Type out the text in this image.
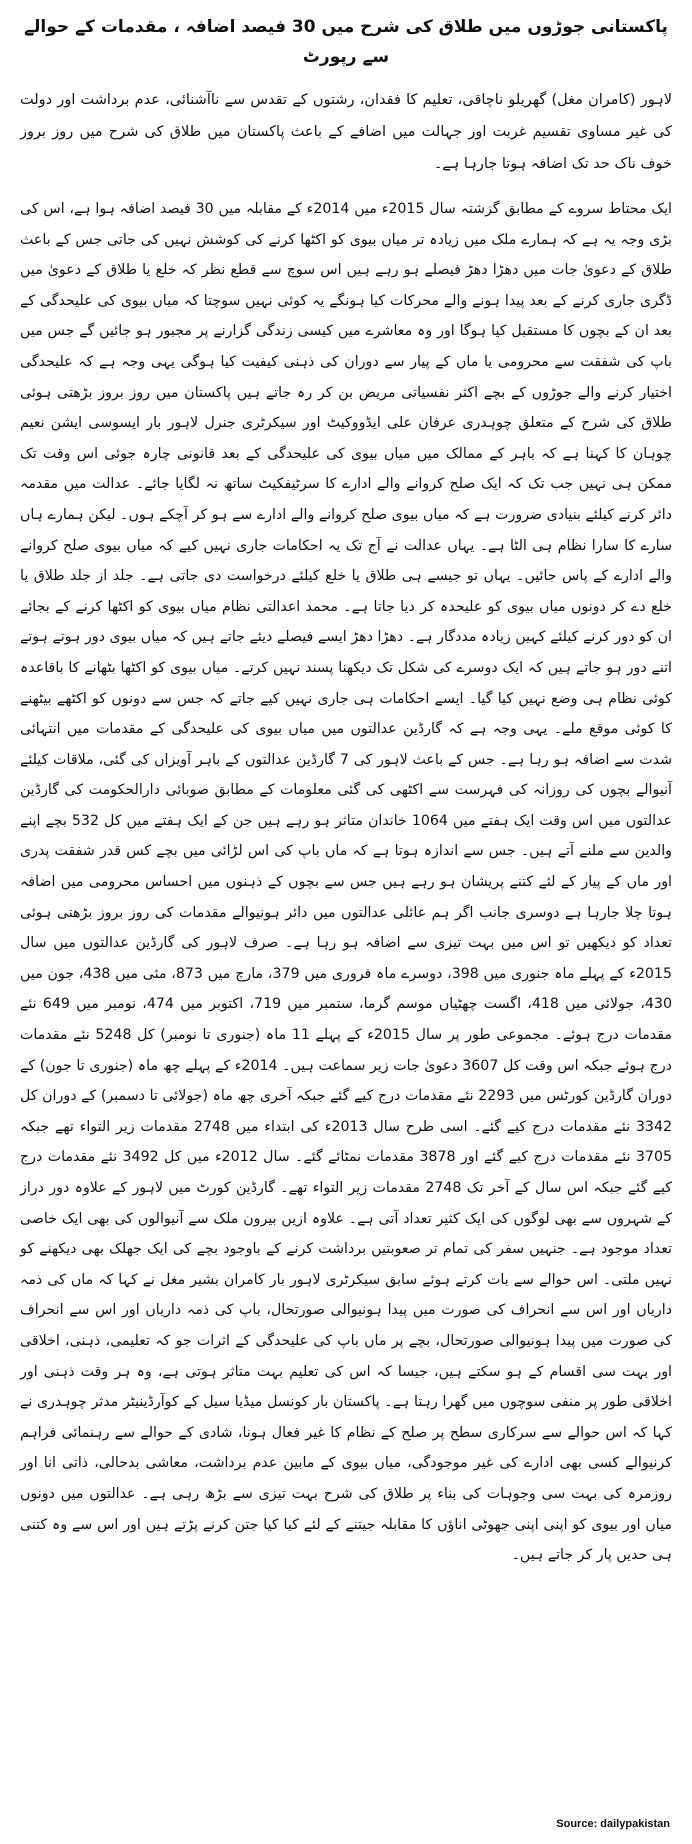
پاکستانی جوڑوں میں طلاق کی شرح میں 30 فیصد اضافہ ، مقدمات کے حوالے سے رپورٹ

لاہور (کامران مغل) گھریلو ناچاقی، تعلیم کا فقدان، رشتوں کے تقدس سے ناآشنائی، عدم برداشت اور دولت کی غیر مساوی تقسیم غربت اور جہالت میں اضافے کے باعث پاکستان میں طلاق کی شرح میں روز بروز خوف ناک حد تک اضافہ ہوتا جارہا ہے۔

ایک محتاط سروے کے مطابق گزشتہ سال 2015ء میں 2014ء کے مقابلہ میں 30 فیصد اضافہ ہوا ہے، اس کی بڑی وجہ یہ ہے کہ ہمارے ملک میں زیادہ تر میاں بیوی کو اکٹھا کرنے کی کوشش نہیں کی جاتی جس کے باعث طلاق کے دعویٰ جات میں دھڑا دھڑ فیصلے ہو رہے ہیں اس سوچ سے قطع نظر کہ خلع یا طلاق کے دعویٰ میں ڈگری جاری کرنے کے بعد پیدا ہونے والے محرکات کیا ہونگے یہ کوئی نہیں سوچتا کہ میاں بیوی کی علیحدگی کے بعد ان کے بچوں کا مستقبل کیا ہوگا اور وہ معاشرے میں کیسی زندگی گزارنے پر مجبور ہو جائیں گے جس میں باپ کی شفقت سے محرومی یا ماں کے پیار سے دوران کی ذہنی کیفیت کیا ہوگی یہی وجہ ہے کہ علیحدگی اختیار کرنے والے جوڑوں کے بچے اکثر نفسیاتی مریض بن کر رہ جاتے ہیں پاکستان میں روز بروز بڑھتی ہوئی طلاق کی شرح کے متعلق چوہدری عرفان علی ایڈووکیٹ اور سیکرٹری جنرل لاہور بار ایسوسی ایشن نعیم چوہان کا کہنا ہے کہ باہر کے ممالک میں میاں بیوی کی علیحدگی کے بعد قانونی چارہ جوئی اس وقت تک ممکن ہی نہیں جب تک کہ ایک صلح کروانے والے ادارے کا سرٹیفکیٹ ساتھ نہ لگایا جائے۔ عدالت میں مقدمہ دائر کرنے کیلئے بنیادی ضرورت ہے کہ میاں بیوی صلح کروانے والے ادارے سے ہو کر آچکے ہوں۔ لیکن ہمارے ہاں سارے کا سارا نظام ہی الٹا ہے۔ یہاں عدالت نے آج تک یہ احکامات جاری نہیں کیے کہ میاں بیوی صلح کروانے والے ادارے کے پاس جائیں۔ یہاں تو جیسے ہی طلاق یا خلع کیلئے درخواست دی جاتی ہے۔ جلد از جلد طلاق یا خلع دے کر دونوں میاں بیوی کو علیحدہ کر دیا جاتا ہے۔ محمد اعدالتی نظام میاں بیوی کو اکٹھا کرنے کے بجائے ان کو دور کرنے کیلئے کہیں زیادہ مددگار ہے۔ دھڑا دھڑ ایسے فیصلے دیئے جاتے ہیں کہ میاں بیوی دور ہوتے ہوتے اتنے دور ہو جاتے ہیں کہ ایک دوسرے کی شکل تک دیکھنا پسند نہیں کرتے۔ میاں بیوی کو اکٹھا بٹھانے کا باقاعدہ کوئی نظام ہی وضع نہیں کیا گیا۔ ایسے احکامات ہی جاری نہیں کیے جاتے کہ جس سے دونوں کو اکٹھے بیٹھنے کا کوئی موقع ملے۔ یہی وجہ ہے کہ گارڈین عدالتوں میں میاں بیوی کی علیحدگی کے مقدمات میں انتہائی شدت سے اضافہ ہو رہا ہے۔ جس کے باعث لاہور کی 7 گارڈین عدالتوں کے باہر آویزاں کی گئی، ملاقات کیلئے آنیوالے بچوں کی روزانہ کی فہرست سے اکٹھی کی گئی معلومات کے مطابق صوبائی دارالحکومت کی گارڈین عدالتوں میں اس وقت ایک ہفتے میں 1064 خاندان متاثر ہو رہے ہیں جن کے ایک ہفتے میں کل 532 بچے اپنے والدین سے ملنے آتے ہیں۔ جس سے اندازہ ہوتا ہے کہ ماں باپ کی اس لڑائی میں بچے کس قدر شفقت پدری اور ماں کے پیار کے لئے کتنے پریشان ہو رہے ہیں جس سے بچوں کے ذہنوں میں احساس محرومی میں اضافہ ہوتا چلا جارہا ہے دوسری جانب اگر ہم عائلی عدالتوں میں دائر ہونیوالے مقدمات کی روز بروز بڑھتی ہوئی تعداد کو دیکھیں تو اس میں بہت تیزی سے اضافہ ہو رہا ہے۔ صرف لاہور کی گارڈین عدالتوں میں سال 2015ء کے پہلے ماہ جنوری میں 398، دوسرے ماہ فروری میں 379، مارچ میں 873، مئی میں 438، جون میں 430، جولائی میں 418، اگست چھٹیاں موسم گرما، ستمبر میں 719، اکتوبر میں 474، نومبر میں 649 نئے مقدمات درج ہوئے۔ مجموعی طور پر سال 2015ء کے پہلے 11 ماہ (جنوری تا نومبر) کل 5248 نئے مقدمات درج ہوئے جبکہ اس وقت کل 3607 دعویٰ جات زیر سماعت ہیں۔ 2014ء کے پہلے چھ ماہ (جنوری تا جون) کے دوران گارڈین کورٹس میں 2293 نئے مقدمات درج کیے گئے جبکہ آخری چھ ماہ (جولائی تا دسمبر) کے دوران کل 3342 نئے مقدمات درج کیے گئے۔ اسی طرح سال 2013ء کی ابتداء میں 2748 مقدمات زیر التواء تھے جبکہ 3705 نئے مقدمات درج کیے گئے اور 3878 مقدمات نمٹائے گئے۔ سال 2012ء میں کل 3492 نئے مقدمات درج کیے گئے جبکہ اس سال کے آخر تک 2748 مقدمات زیر التواء تھے۔ گارڈین کورٹ میں لاہور کے علاوہ دور دراز کے شہروں سے بھی لوگوں کی ایک کثیر تعداد آتی ہے۔ علاوہ ازیں بیرون ملک سے آنیوالوں کی بھی ایک خاصی تعداد موجود ہے۔ جنہیں سفر کی تمام تر صعوبتیں برداشت کرنے کے باوجود بچے کی ایک جھلک بھی دیکھنے کو نہیں ملتی۔ اس حوالے سے بات کرتے ہوئے سابق سیکرٹری لاہور بار کامران بشیر مغل نے کہا کہ ماں کی ذمہ داریاں اور اس سے انحراف کی صورت میں پیدا ہونیوالی صورتحال، باپ کی ذمہ داریاں اور اس سے انحراف کی صورت میں پیدا ہونیوالی صورتحال، بچے پر ماں باپ کی علیحدگی کے اثرات جو کہ تعلیمی، ذہنی، اخلاقی اور بہت سی اقسام کے ہو سکتے ہیں، جیسا کہ اس کی تعلیم بہت متاثر ہوتی ہے، وہ ہر وقت ذہنی اور اخلاقی طور پر منفی سوچوں میں گھرا رہتا ہے۔ پاکستان بار کونسل میڈیا سیل کے کوآرڈینیٹر مدثر چوہدری نے کہا کہ اس حوالے سے سرکاری سطح پر صلح کے نظام کا غیر فعال ہونا، شادی کے حوالے سے رہنمائی فراہم کرنیوالے کسی بھی ادارے کی غیر موجودگی، میاں بیوی کے مابین عدم برداشت، معاشی بدحالی، ذاتی انا اور روزمرہ کی بہت سی وجوہات کی بناء پر طلاق کی شرح بہت تیزی سے بڑھ رہی ہے۔ عدالتوں میں دونوں میاں اور بیوی کو اپنی اپنی جھوٹی اناؤں کا مقابلہ جیتنے کے لئے کیا کیا جتن کرنے پڑتے ہیں اور اس سے وہ کتنی ہی حدیں پار کر جاتے ہیں۔

Source: dailypakistan
